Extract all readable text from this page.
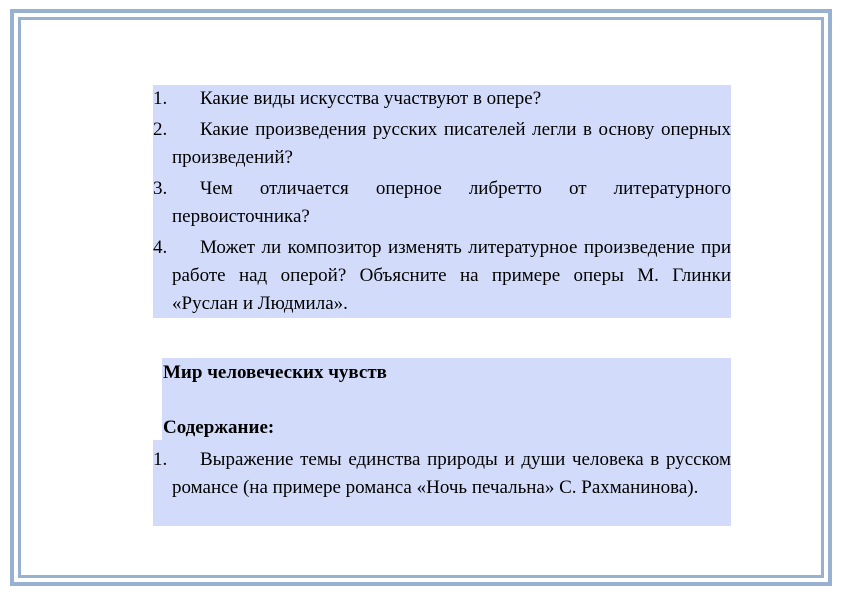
1. Какие виды искусства участвуют в опере?

2. Какие произведения русских писателей легли в основу оперных произведений?

3. Чем отличается оперное либретто от литературного первоисточника?

4. Может ли композитор изменять литературное произведение при работе над оперой? Объясните на примере оперы М. Глинки «Руслан и Людмила».

Мир человеческих чувств
Содержание:

1. Выражение темы единства природы и души человека в русском романсе (на примере романса «Ночь печальна» С. Рахманинова).
